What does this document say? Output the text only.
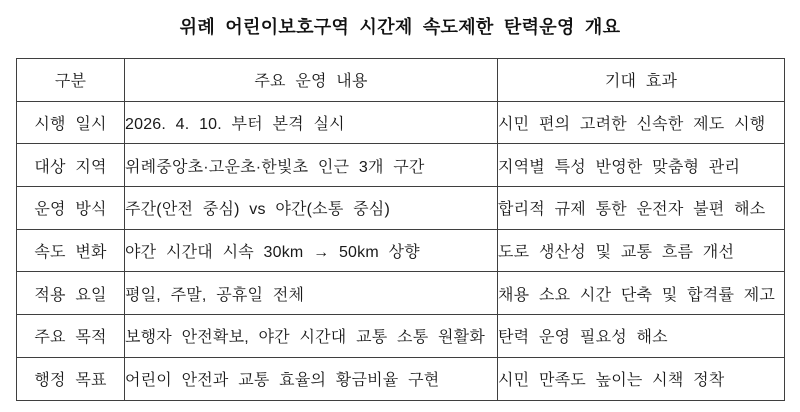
위례 어린이보호구역 시간제 속도제한 탄력운영 개요
구분	주요 운영 내용	기대 효과
시행 일시	2026. 4. 10. 부터 본격 실시	시민 편의 고려한 신속한 제도 시행
대상 지역	위례중앙초·고운초·한빛초 인근 3개 구간	지역별 특성 반영한 맞춤형 관리
운영 방식	주간(안전 중심) vs 야간(소통 중심)	합리적 규제 통한 운전자 불편 해소
속도 변화	야간 시간대 시속 30km → 50km 상향	도로 생산성 및 교통 흐름 개선
적용 요일	평일, 주말, 공휴일 전체	채용 소요 시간 단축 및 합격률 제고
주요 목적	보행자 안전확보, 야간 시간대 교통 소통 원활화	탄력 운영 필요성 해소
행정 목표	어린이 안전과 교통 효율의 황금비율 구현	시민 만족도 높이는 시책 정착
